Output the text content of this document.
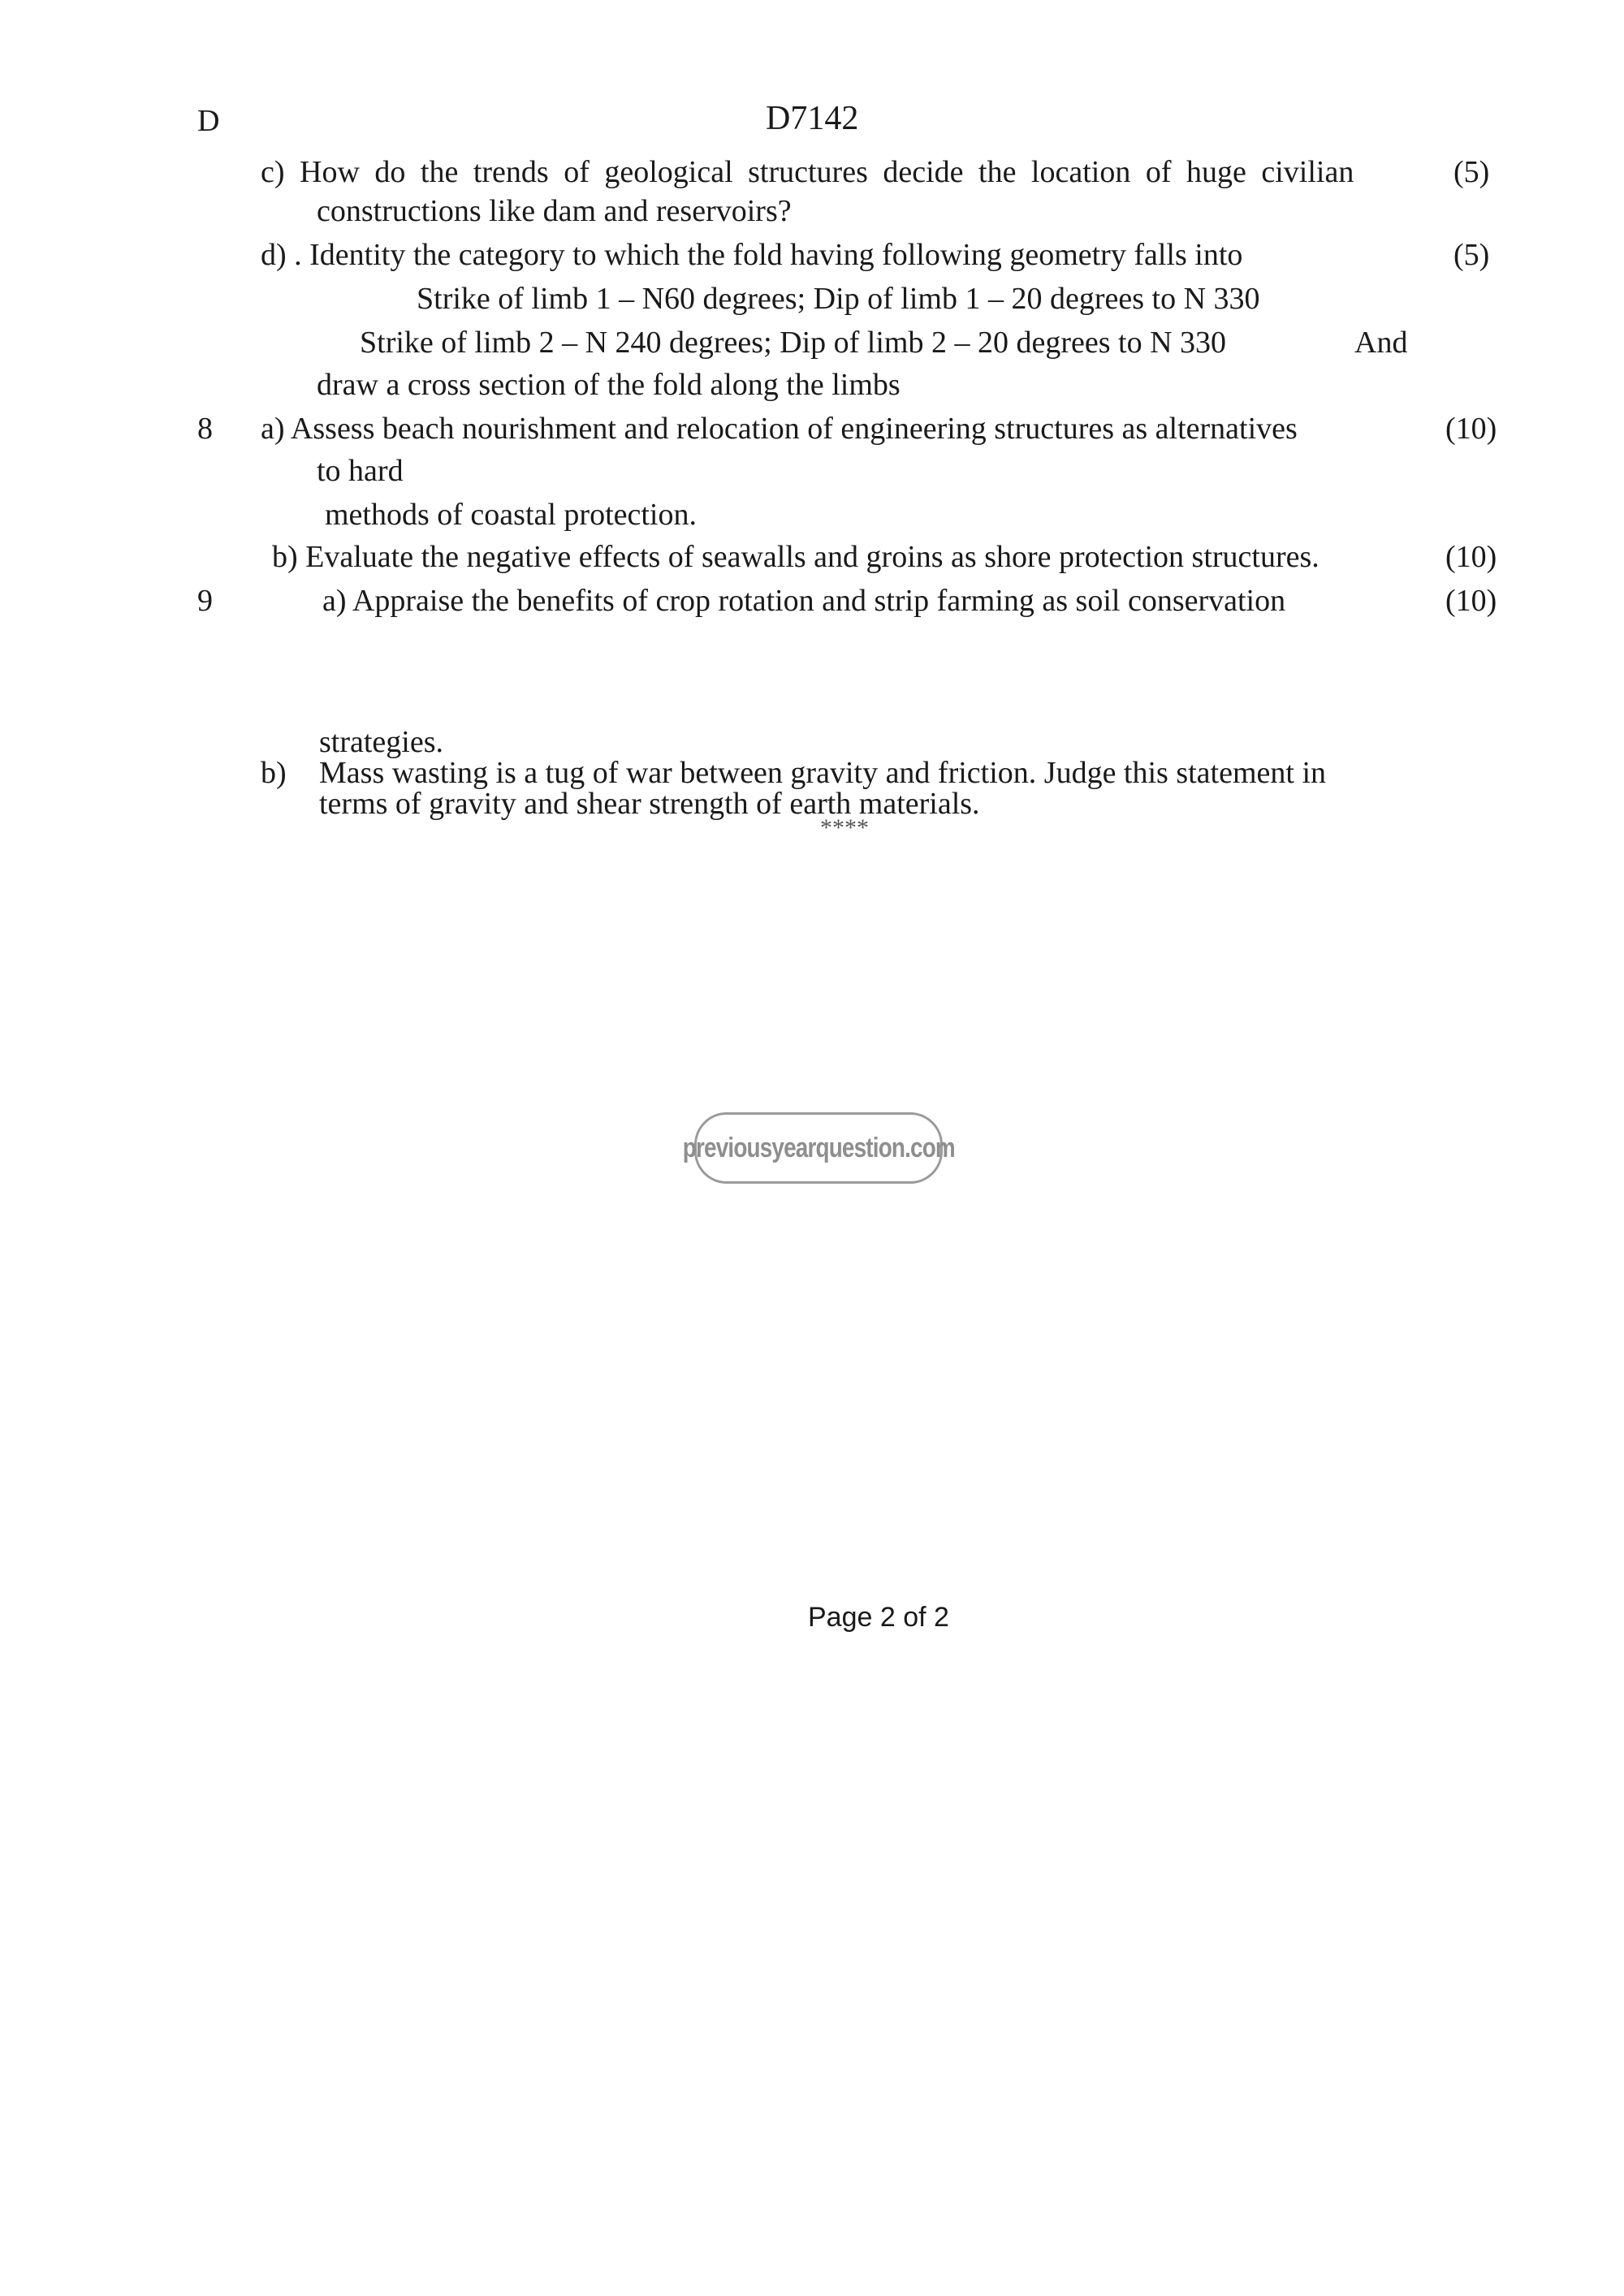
D	D7142
c) How do the trends of geological structures decide the location of huge civilian	(5)
constructions like dam and reservoirs?
d) . Identity the category to which the fold having following geometry falls into	(5)
Strike of limb 1 – N60 degrees; Dip of limb 1 – 20 degrees to N 330
Strike of limb 2 – N 240 degrees; Dip of limb 2 – 20 degrees to N 330	And
draw a cross section of the fold along the limbs
8 a) Assess beach nourishment and relocation of engineering structures as alternatives	(10)
to hard
methods of coastal protection.
b) Evaluate the negative effects of seawalls and groins as shore protection structures.	(10)
9	a) Appraise the benefits of crop rotation and strip farming as soil conservation	(10)
strategies.
b) Mass wasting is a tug of war between gravity and friction. Judge this statement in
terms of gravity and shear strength of earth materials.
****
previousyearquestion.com
Page 2 of 2
